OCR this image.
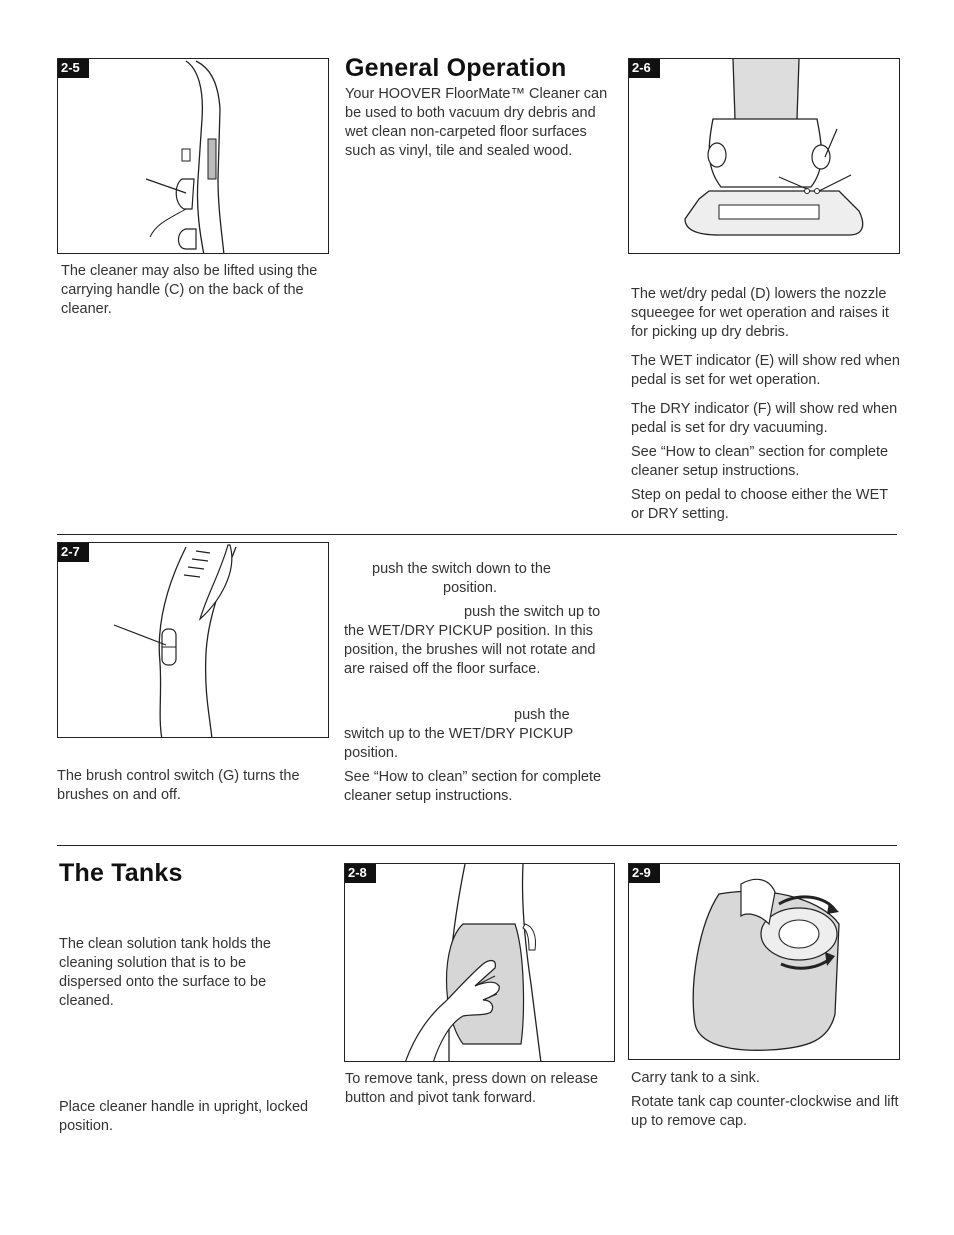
2-5

The cleaner may also be lifted using the carrying handle (C) on the back of the cleaner.

General Operation

Your HOOVER FloorMate™ Cleaner can be used to both vacuum dry debris and wet clean non-carpeted floor surfaces such as vinyl, tile and sealed wood.

2-6

The wet/dry pedal (D) lowers the nozzle squeegee for wet operation and raises it for picking up dry debris.

The WET indicator (E) will show red when pedal is set for wet operation.

The DRY indicator (F) will show red when pedal is set for dry vacuuming.

See “How to clean” section for complete cleaner setup instructions.

Step on pedal to choose either the WET or DRY setting.

2-7

The brush control switch (G) turns the brushes on and off.

push the switch down to the

position.

push the switch up to the WET/DRY PICKUP position. In this position, the brushes will not rotate and are raised off the floor surface.

push the switch up to the WET/DRY PICKUP position.

See “How to clean” section for complete cleaner setup instructions.

The Tanks

The clean solution tank holds the cleaning solution that is to be dispersed onto the surface to be cleaned.

Place cleaner handle in upright, locked position.

2-8

To remove tank, press down on release button and pivot tank forward.

2-9

Carry tank to a sink.

Rotate tank cap counter-clockwise and lift up to remove cap.
